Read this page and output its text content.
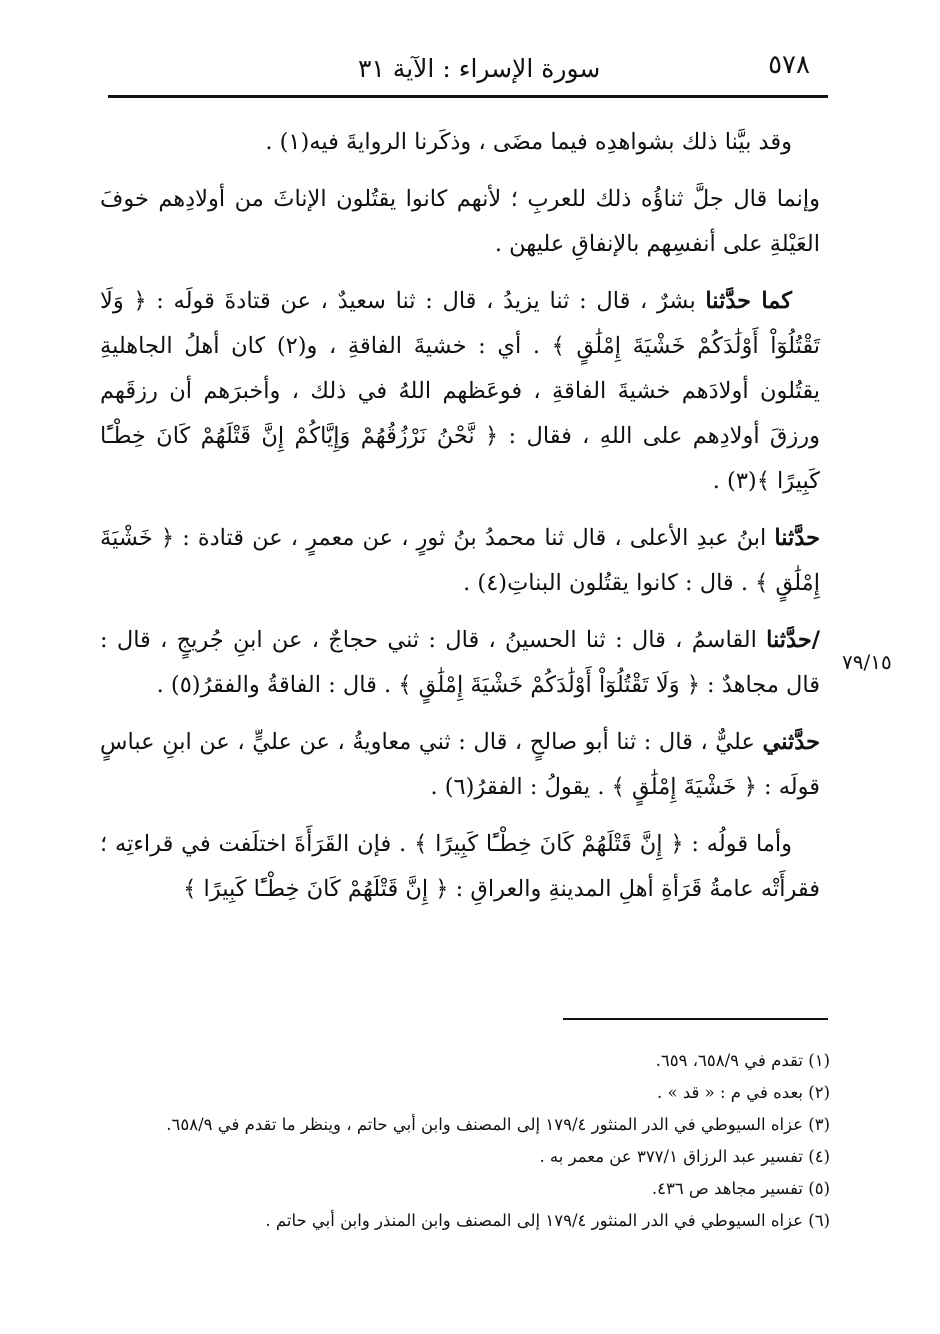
٥٧٨
سورة الإسراء : الآية ٣١
٧٩/١٥

وقد بيَّنا ذلك بشواهدِه فيما مضَى ، وذكَرنا الروايةَ فيه(١) .

وإنما قال جلَّ ثناؤُه ذلك للعربِ ؛ لأنهم كانوا يقتُلون الإناثَ من أولادِهم خوفَ العَيْلةِ على أنفسِهم بالإنفاقِ عليهن .

كما حدَّثنا بشرٌ ، قال : ثنا يزيدُ ، قال : ثنا سعيدٌ ، عن قتادةَ قولَه : ﴿ وَلَا تَقْتُلُوٓاْ أَوْلَٰدَكُمْ خَشْيَةَ إِمْلَٰقٍ ﴾ . أي : خشيةَ الفاقةِ ، و(٢) كان أهلُ الجاهليةِ يقتُلون أولادَهم خشيةَ الفاقةِ ، فوعَظهم اللهُ في ذلك ، وأخبرَهم أن رزقَهم ورزقَ أولادِهم على اللهِ ، فقال : ﴿ نَّحْنُ نَرْزُقُهُمْ وَإِيَّاكُمْ إِنَّ قَتْلَهُمْ كَانَ خِطْـًٔا كَبِيرًا ﴾(٣) .

حدَّثنا ابنُ عبدِ الأعلى ، قال ثنا محمدُ بنُ ثورٍ ، عن معمرٍ ، عن قتادة : ﴿ خَشْيَةَ إِمْلَٰقٍ ﴾ . قال : كانوا يقتُلون البناتِ(٤) .

/حدَّثنا القاسمُ ، قال : ثنا الحسينُ ، قال : ثني حجاجٌ ، عن ابنِ جُريجٍ ، قال : قال مجاهدٌ : ﴿ وَلَا تَقْتُلُوٓاْ أَوْلَٰدَكُمْ خَشْيَةَ إِمْلَٰقٍ ﴾ . قال : الفاقةُ والفقرُ(٥) .

حدَّثني عليٌّ ، قال : ثنا أبو صالحٍ ، قال : ثني معاويةُ ، عن عليٍّ ، عن ابنِ عباسٍ قولَه : ﴿ خَشْيَةَ إِمْلَٰقٍ ﴾ . يقولُ : الفقرُ(٦) .

وأما قولُه : ﴿ إِنَّ قَتْلَهُمْ كَانَ خِطْـًٔا كَبِيرًا ﴾ . فإن القَرَأَةَ اختلَفت في قراءتِه ؛ فقرأَتْه عامةُ قَرَأةِ أهلِ المدينةِ والعراقِ : ﴿ إِنَّ قَتْلَهُمْ كَانَ خِطْـًٔا كَبِيرًا ﴾

(١) تقدم في ٦٥٨/٩، ٦٥٩.

(٢) بعده في م : « قد » .

(٣) عزاه السيوطي في الدر المنثور ١٧٩/٤ إلى المصنف وابن أبي حاتم ، وينظر ما تقدم في ٦٥٨/٩.

(٤) تفسير عبد الرزاق ٣٧٧/١ عن معمر به .

(٥) تفسير مجاهد ص ٤٣٦.

(٦) عزاه السيوطي في الدر المنثور ١٧٩/٤ إلى المصنف وابن المنذر وابن أبي حاتم .
